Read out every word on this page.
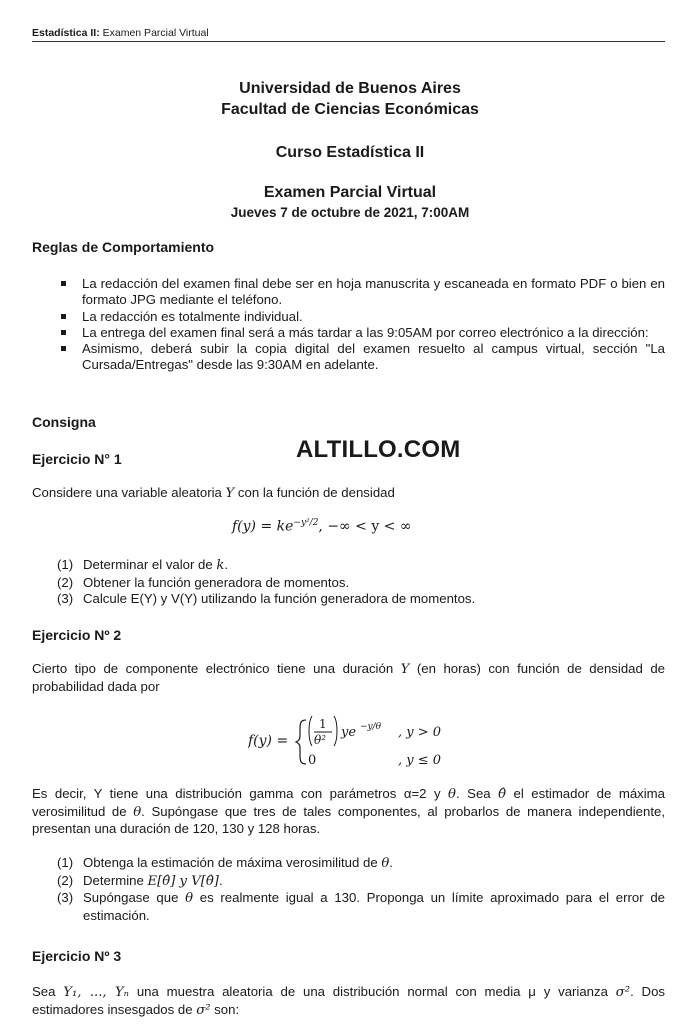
Estadística II: Examen Parcial Virtual
Universidad de Buenos Aires
Facultad de Ciencias Económicas
Curso Estadística II
Examen Parcial Virtual
Jueves 7 de octubre de 2021, 7:00AM
Reglas de Comportamiento
La redacción del examen final debe ser en hoja manuscrita y escaneada en formato PDF o bien en formato JPG mediante el teléfono.
La redacción es totalmente individual.
La entrega del examen final será a más tardar a las 9:05AM por correo electrónico a la dirección:
Asimismo, deberá subir la copia digital del examen resuelto al campus virtual, sección "La Cursada/Entregas" desde las 9:30AM en adelante.
Consigna
ALTILLO.COM
Ejercicio N° 1
Considere una variable aleatoria Y con la función de densidad
$f(y) = ke^{-y^2/2}$, −∞ < y < ∞
(1) Determinar el valor de k.
(2) Obtener la función generadora de momentos.
(3) Calcule E(Y) y V(Y) utilizando la función generadora de momentos.
Ejercicio Nº 2
Cierto tipo de componente electrónico tiene una duración Y (en horas) con función de densidad de probabilidad dada por
f(y) =
1
θ² ye −y/θ , y > 0
0	, y ≤ 0
Es decir, Y tiene una distribución gamma con parámetros α=2 y θ. Sea θ̂ el estimador de máxima verosimilitud de θ. Supóngase que tres de tales componentes, al probarlos de manera independiente, presentan una duración de 120, 130 y 128 horas.
(1) Obtenga la estimación de máxima verosimilitud de θ.
(2) Determine E[θ̂] y V[θ̂].
(3) Supóngase que θ es realmente igual a 130. Proponga un límite aproximado para el error de estimación.
Ejercicio Nº 3
Sea Y₁, ..., Yₙ una muestra aleatoria de una distribución normal con media μ y varianza σ². Dos estimadores insesgados de σ² son:
